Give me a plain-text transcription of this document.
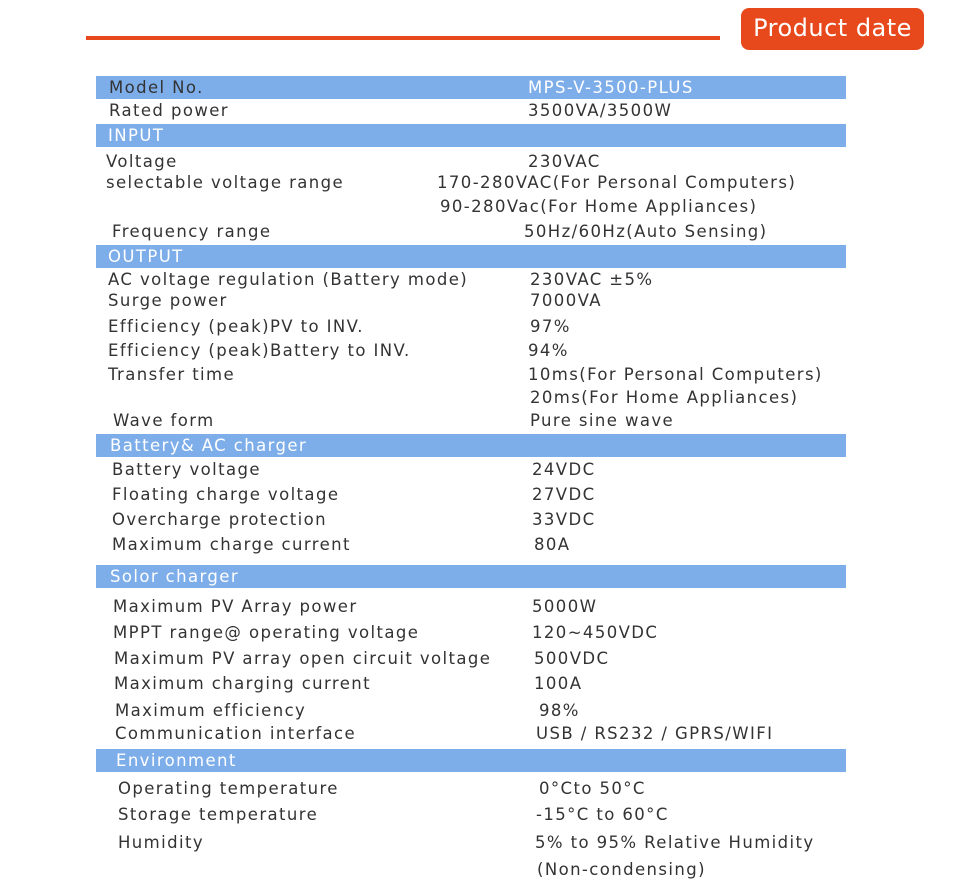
Product date
Model No.	MPS-V-3500-PLUS
Rated power	3500VA/3500W
INPUT
Voltage	230VAC
selectable voltage range	170-280VAC(For Personal Computers)
90-280Vac(For Home Appliances)
Frequency range	50Hz/60Hz(Auto Sensing)
OUTPUT
AC voltage regulation (Battery mode)	230VAC ±5%
Surge power	7000VA
Efficiency (peak)PV to INV.	97%
Efficiency (peak)Battery to INV.	94%
Transfer time	10ms(For Personal Computers)
20ms(For Home Appliances)
Wave form	Pure sine wave
Battery& AC charger
Battery voltage	24VDC
Floating charge voltage	27VDC
Overcharge protection	33VDC
Maximum charge current	80A
Solor charger
Maximum PV Array power	5000W
MPPT range@ operating voltage	120~450VDC
Maximum PV array open circuit voltage	500VDC
Maximum charging current	100A
Maximum efficiency	98%
Communication interface	USB / RS232 / GPRS/WIFI
Environment
Operating temperature	0°Cto 50°C
Storage temperature	-15°C to 60°C
Humidity	5% to 95% Relative Humidity
(Non-condensing)
